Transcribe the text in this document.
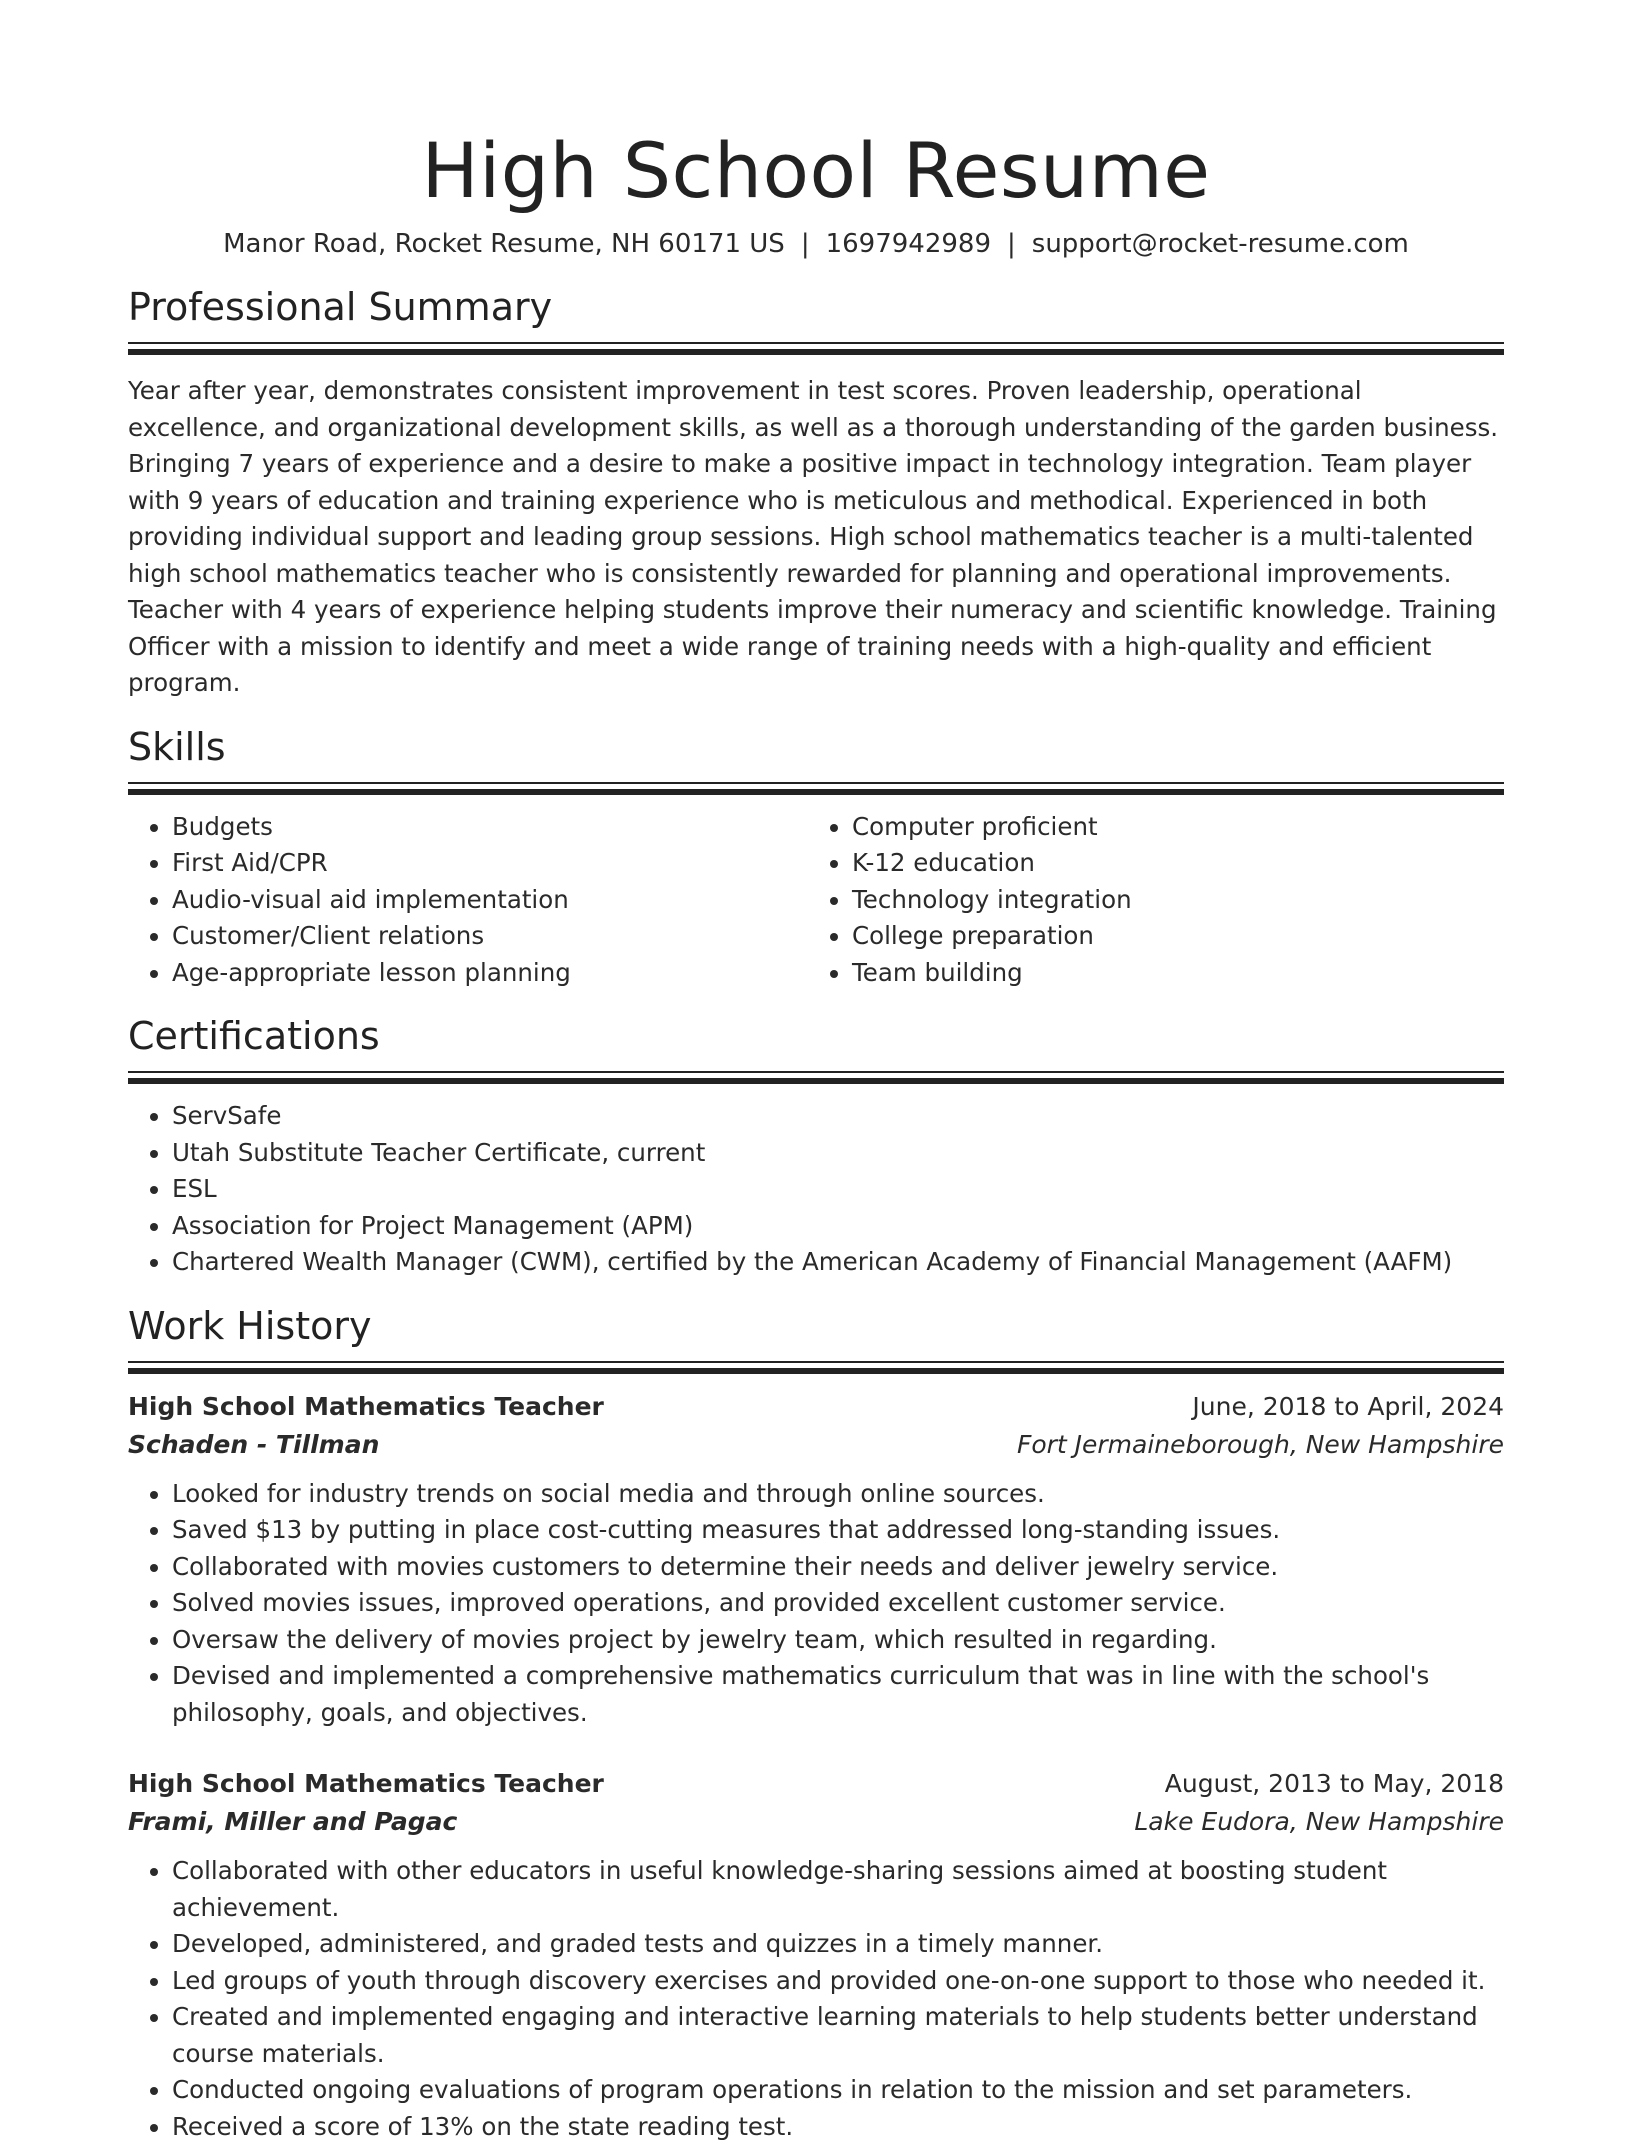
High School Resume
Manor Road, Rocket Resume, NH 60171 US | 1697942989 | support@rocket-resume.com
Professional Summary

Year after year, demonstrates consistent improvement in test scores. Proven leadership, operational excellence, and organizational development skills, as well as a thorough understanding of the garden business. Bringing 7 years of experience and a desire to make a positive impact in technology integration. Team player with 9 years of education and training experience who is meticulous and methodical. Experienced in both providing individual support and leading group sessions. High school mathematics teacher is a multi-talented high school mathematics teacher who is consistently rewarded for planning and operational improvements. Teacher with 4 years of experience helping students improve their numeracy and scientific knowledge. Training Officer with a mission to identify and meet a wide range of training needs with a high-quality and efficient program.

Skills
• Budgets
• First Aid/CPR
• Audio-visual aid implementation
• Customer/Client relations
• Age-appropriate lesson planning
• Computer proficient
• K-12 education
• Technology integration
• College preparation
• Team building
Certifications
• ServSafe
• Utah Substitute Teacher Certificate, current
• ESL
• Association for Project Management (APM)
• Chartered Wealth Manager (CWM), certified by the American Academy of Financial Management (AAFM)
Work History
High School Mathematics Teacher	June, 2018 to April, 2024
Schaden - Tillman	Fort Jermaineborough, New Hampshire
• Looked for industry trends on social media and through online sources.
• Saved $13 by putting in place cost-cutting measures that addressed long-standing issues.
• Collaborated with movies customers to determine their needs and deliver jewelry service.
• Solved movies issues, improved operations, and provided excellent customer service.
• Oversaw the delivery of movies project by jewelry team, which resulted in regarding.
• Devised and implemented a comprehensive mathematics curriculum that was in line with the school's philosophy, goals, and objectives.
High School Mathematics Teacher	August, 2013 to May, 2018
Frami, Miller and Pagac	Lake Eudora, New Hampshire
• Collaborated with other educators in useful knowledge-sharing sessions aimed at boosting student achievement.
• Developed, administered, and graded tests and quizzes in a timely manner.
• Led groups of youth through discovery exercises and provided one-on-one support to those who needed it.
• Created and implemented engaging and interactive learning materials to help students better understand course materials.
• Conducted ongoing evaluations of program operations in relation to the mission and set parameters.
• Received a score of 13% on the state reading test.
